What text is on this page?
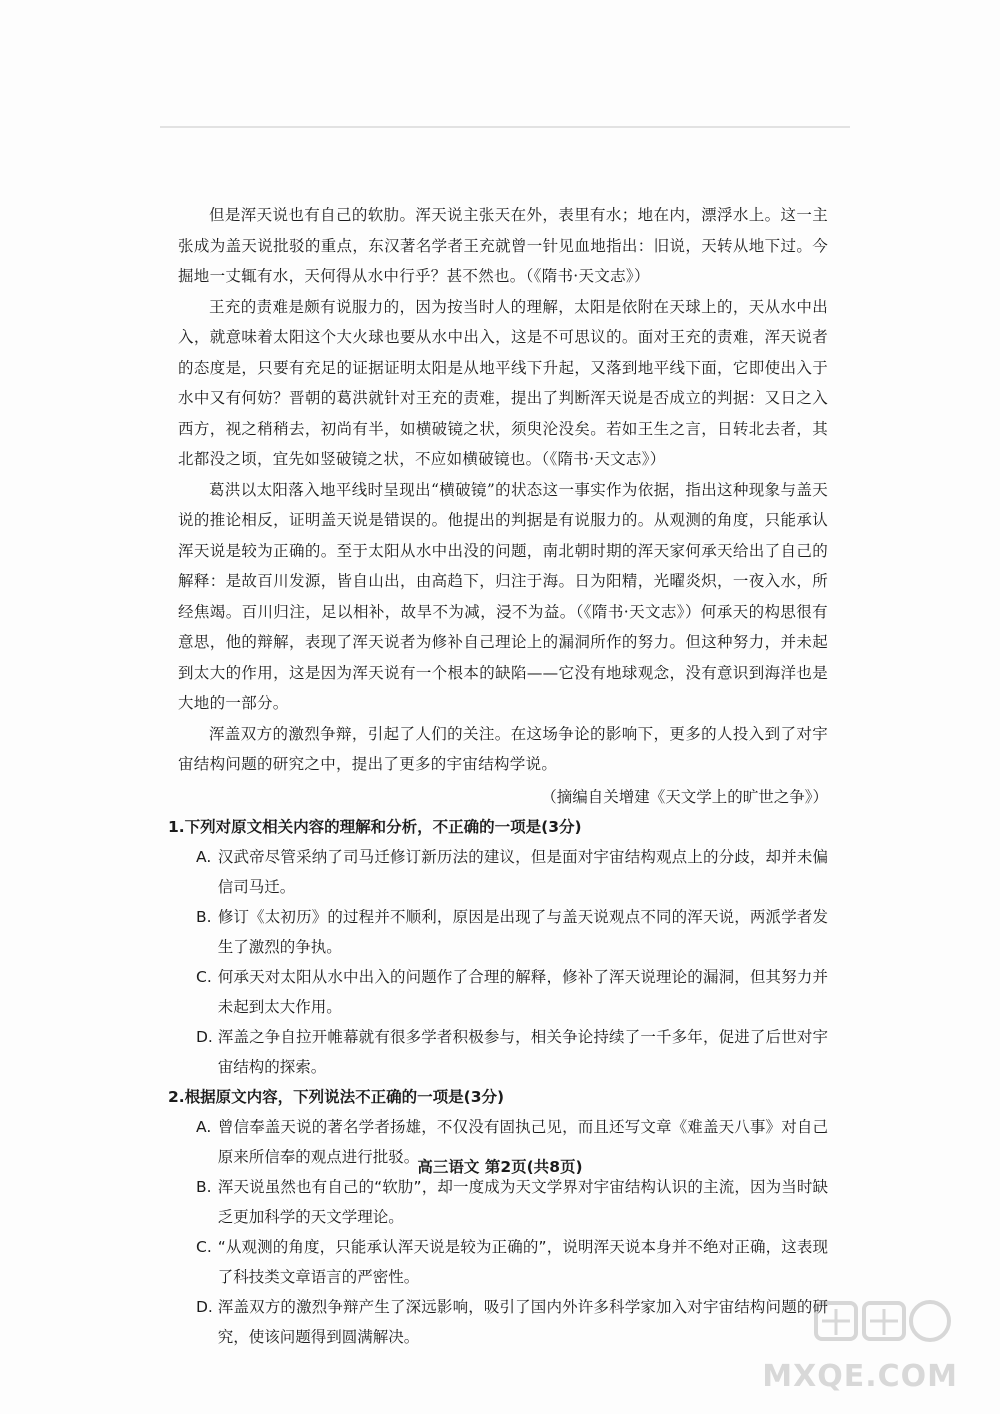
但是浑天说也有自己的软肋。浑天说主张天在外，表里有水；地在内，漂浮水上。这一主张成为盖天说批驳的重点，东汉著名学者王充就曾一针见血地指出：旧说，天转从地下过。今掘地一丈辄有水，天何得从水中行乎？甚不然也。（《隋书·天文志》）

王充的责难是颇有说服力的，因为按当时人的理解，太阳是依附在天球上的，天从水中出入，就意味着太阳这个大火球也要从水中出入，这是不可思议的。面对王充的责难，浑天说者的态度是，只要有充足的证据证明太阳是从地平线下升起，又落到地平线下面，它即使出入于水中又有何妨？晋朝的葛洪就针对王充的责难，提出了判断浑天说是否成立的判据：又日之入西方，视之稍稍去，初尚有半，如横破镜之状，须臾沦没矣。若如王生之言，日转北去者，其北都没之顷，宜先如竖破镜之状，不应如横破镜也。（《隋书·天文志》）

葛洪以太阳落入地平线时呈现出“横破镜”的状态这一事实作为依据，指出这种现象与盖天说的推论相反，证明盖天说是错误的。他提出的判据是有说服力的。从观测的角度，只能承认浑天说是较为正确的。至于太阳从水中出没的问题，南北朝时期的浑天家何承天给出了自己的解释：是故百川发源，皆自山出，由高趋下，归注于海。日为阳精，光曜炎炽，一夜入水，所经焦竭。百川归注，足以相补，故旱不为减，浸不为益。（《隋书·天文志》）何承天的构思很有意思，他的辩解，表现了浑天说者为修补自己理论上的漏洞所作的努力。但这种努力，并未起到太大的作用，这是因为浑天说有一个根本的缺陷——它没有地球观念，没有意识到海洋也是大地的一部分。

浑盖双方的激烈争辩，引起了人们的关注。在这场争论的影响下，更多的人投入到了对宇宙结构问题的研究之中，提出了更多的宇宙结构学说。

（摘编自关增建《天文学上的旷世之争》）
1.下列对原文相关内容的理解和分析，不正确的一项是(3分)
A. 汉武帝尽管采纳了司马迁修订新历法的建议，但是面对宇宙结构观点上的分歧，却并未偏信司马迁。
B. 修订《太初历》的过程并不顺利，原因是出现了与盖天说观点不同的浑天说，两派学者发生了激烈的争执。
C. 何承天对太阳从水中出入的问题作了合理的解释，修补了浑天说理论的漏洞，但其努力并未起到太大作用。
D. 浑盖之争自拉开帷幕就有很多学者积极参与，相关争论持续了一千多年，促进了后世对宇宙结构的探索。
2.根据原文内容，下列说法不正确的一项是(3分)
A. 曾信奉盖天说的著名学者扬雄，不仅没有固执己见，而且还写文章《难盖天八事》对自己原来所信奉的观点进行批驳。
B. 浑天说虽然也有自己的“软肋”，却一度成为天文学界对宇宙结构认识的主流，因为当时缺乏更加科学的天文学理论。
C. “从观测的角度，只能承认浑天说是较为正确的”，说明浑天说本身并不绝对正确，这表现了科技类文章语言的严密性。
D. 浑盖双方的激烈争辩产生了深远影响，吸引了国内外许多科学家加入对宇宙结构问题的研究，使该问题得到圆满解决。
高三语文 第2页(共8页)
MXQE.COM
